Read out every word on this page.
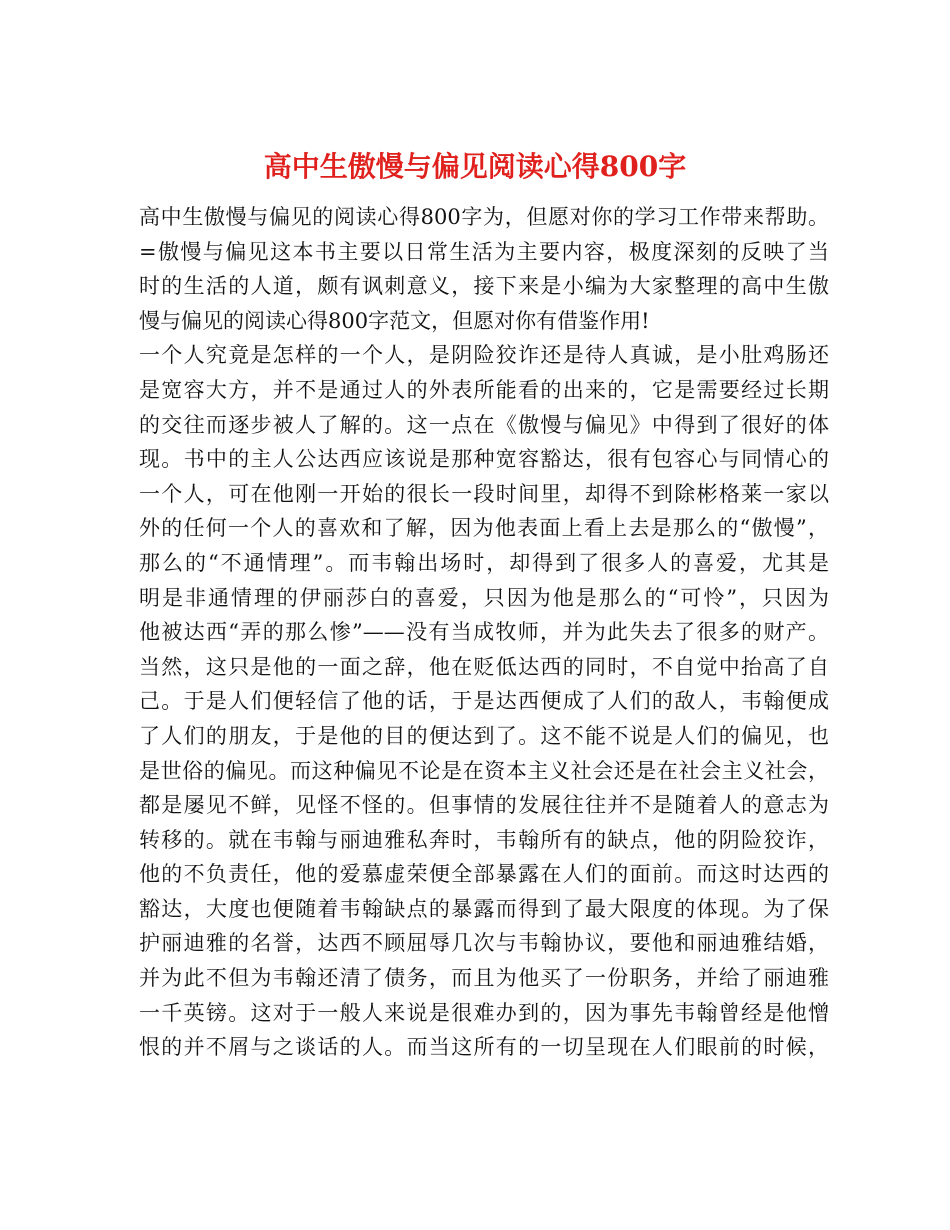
高中生傲慢与偏见阅读心得800字
高中生傲慢与偏见的阅读心得800字为，但愿对你的学习工作带来帮助。
=傲慢与偏见这本书主要以日常生活为主要内容，极度深刻的反映了当
时的生活的人道，颇有讽刺意义，接下来是小编为大家整理的高中生傲
慢与偏见的阅读心得800字范文，但愿对你有借鉴作用!
一个人究竟是怎样的一个人，是阴险狡诈还是待人真诚，是小肚鸡肠还
是宽容大方，并不是通过人的外表所能看的出来的，它是需要经过长期
的交往而逐步被人了解的。这一点在《傲慢与偏见》中得到了很好的体
现。书中的主人公达西应该说是那种宽容豁达，很有包容心与同情心的
一个人，可在他刚一开始的很长一段时间里，却得不到除彬格莱一家以
外的任何一个人的喜欢和了解，因为他表面上看上去是那么的“傲慢”，
那么的“不通情理”。而韦翰出场时，却得到了很多人的喜爱，尤其是
明是非通情理的伊丽莎白的喜爱，只因为他是那么的“可怜”，只因为
他被达西“弄的那么惨”——没有当成牧师，并为此失去了很多的财产。
当然，这只是他的一面之辞，他在贬低达西的同时，不自觉中抬高了自
己。于是人们便轻信了他的话，于是达西便成了人们的敌人，韦翰便成
了人们的朋友，于是他的目的便达到了。这不能不说是人们的偏见，也
是世俗的偏见。而这种偏见不论是在资本主义社会还是在社会主义社会，
都是屡见不鲜，见怪不怪的。但事情的发展往往并不是随着人的意志为
转移的。就在韦翰与丽迪雅私奔时，韦翰所有的缺点，他的阴险狡诈，
他的不负责任，他的爱慕虚荣便全部暴露在人们的面前。而这时达西的
豁达，大度也便随着韦翰缺点的暴露而得到了最大限度的体现。为了保
护丽迪雅的名誉，达西不顾屈辱几次与韦翰协议，要他和丽迪雅结婚，
并为此不但为韦翰还清了债务，而且为他买了一份职务，并给了丽迪雅
一千英镑。这对于一般人来说是很难办到的，因为事先韦翰曾经是他憎
恨的并不屑与之谈话的人。而当这所有的一切呈现在人们眼前的时候，
